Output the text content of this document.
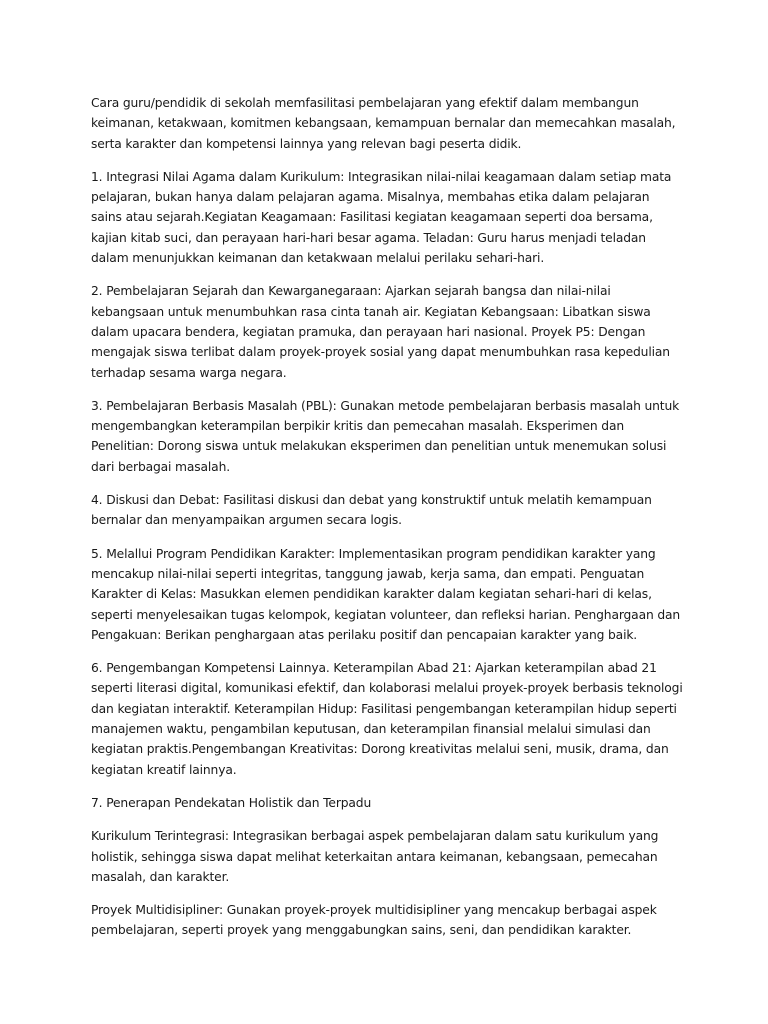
Cara guru/pendidik di sekolah memfasilitasi pembelajaran yang efektif dalam membangun keimanan, ketakwaan, komitmen kebangsaan, kemampuan bernalar dan memecahkan masalah, serta karakter dan kompetensi lainnya yang relevan bagi peserta didik.

1. Integrasi Nilai Agama dalam Kurikulum: Integrasikan nilai-nilai keagamaan dalam setiap mata pelajaran, bukan hanya dalam pelajaran agama. Misalnya, membahas etika dalam pelajaran sains atau sejarah.Kegiatan Keagamaan: Fasilitasi kegiatan keagamaan seperti doa bersama, kajian kitab suci, dan perayaan hari-hari besar agama. Teladan: Guru harus menjadi teladan dalam menunjukkan keimanan dan ketakwaan melalui perilaku sehari-hari.

2. Pembelajaran Sejarah dan Kewarganegaraan: Ajarkan sejarah bangsa dan nilai-nilai kebangsaan untuk menumbuhkan rasa cinta tanah air. Kegiatan Kebangsaan: Libatkan siswa dalam upacara bendera, kegiatan pramuka, dan perayaan hari nasional. Proyek P5: Dengan mengajak siswa terlibat dalam proyek-proyek sosial yang dapat menumbuhkan rasa kepedulian terhadap sesama warga negara.

3. Pembelajaran Berbasis Masalah (PBL): Gunakan metode pembelajaran berbasis masalah untuk mengembangkan keterampilan berpikir kritis dan pemecahan masalah. Eksperimen dan Penelitian: Dorong siswa untuk melakukan eksperimen dan penelitian untuk menemukan solusi dari berbagai masalah.

4. Diskusi dan Debat: Fasilitasi diskusi dan debat yang konstruktif untuk melatih kemampuan bernalar dan menyampaikan argumen secara logis.

5. Melallui Program Pendidikan Karakter: Implementasikan program pendidikan karakter yang mencakup nilai-nilai seperti integritas, tanggung jawab, kerja sama, dan empati. Penguatan Karakter di Kelas: Masukkan elemen pendidikan karakter dalam kegiatan sehari-hari di kelas, seperti menyelesaikan tugas kelompok, kegiatan volunteer, dan refleksi harian. Penghargaan dan Pengakuan: Berikan penghargaan atas perilaku positif dan pencapaian karakter yang baik.

6. Pengembangan Kompetensi Lainnya. Keterampilan Abad 21: Ajarkan keterampilan abad 21 seperti literasi digital, komunikasi efektif, dan kolaborasi melalui proyek-proyek berbasis teknologi dan kegiatan interaktif. Keterampilan Hidup: Fasilitasi pengembangan keterampilan hidup seperti manajemen waktu, pengambilan keputusan, dan keterampilan finansial melalui simulasi dan kegiatan praktis.Pengembangan Kreativitas: Dorong kreativitas melalui seni, musik, drama, dan kegiatan kreatif lainnya.

7. Penerapan Pendekatan Holistik dan Terpadu

Kurikulum Terintegrasi: Integrasikan berbagai aspek pembelajaran dalam satu kurikulum yang holistik, sehingga siswa dapat melihat keterkaitan antara keimanan, kebangsaan, pemecahan masalah, dan karakter.

Proyek Multidisipliner: Gunakan proyek-proyek multidisipliner yang mencakup berbagai aspek pembelajaran, seperti proyek yang menggabungkan sains, seni, dan pendidikan karakter.
